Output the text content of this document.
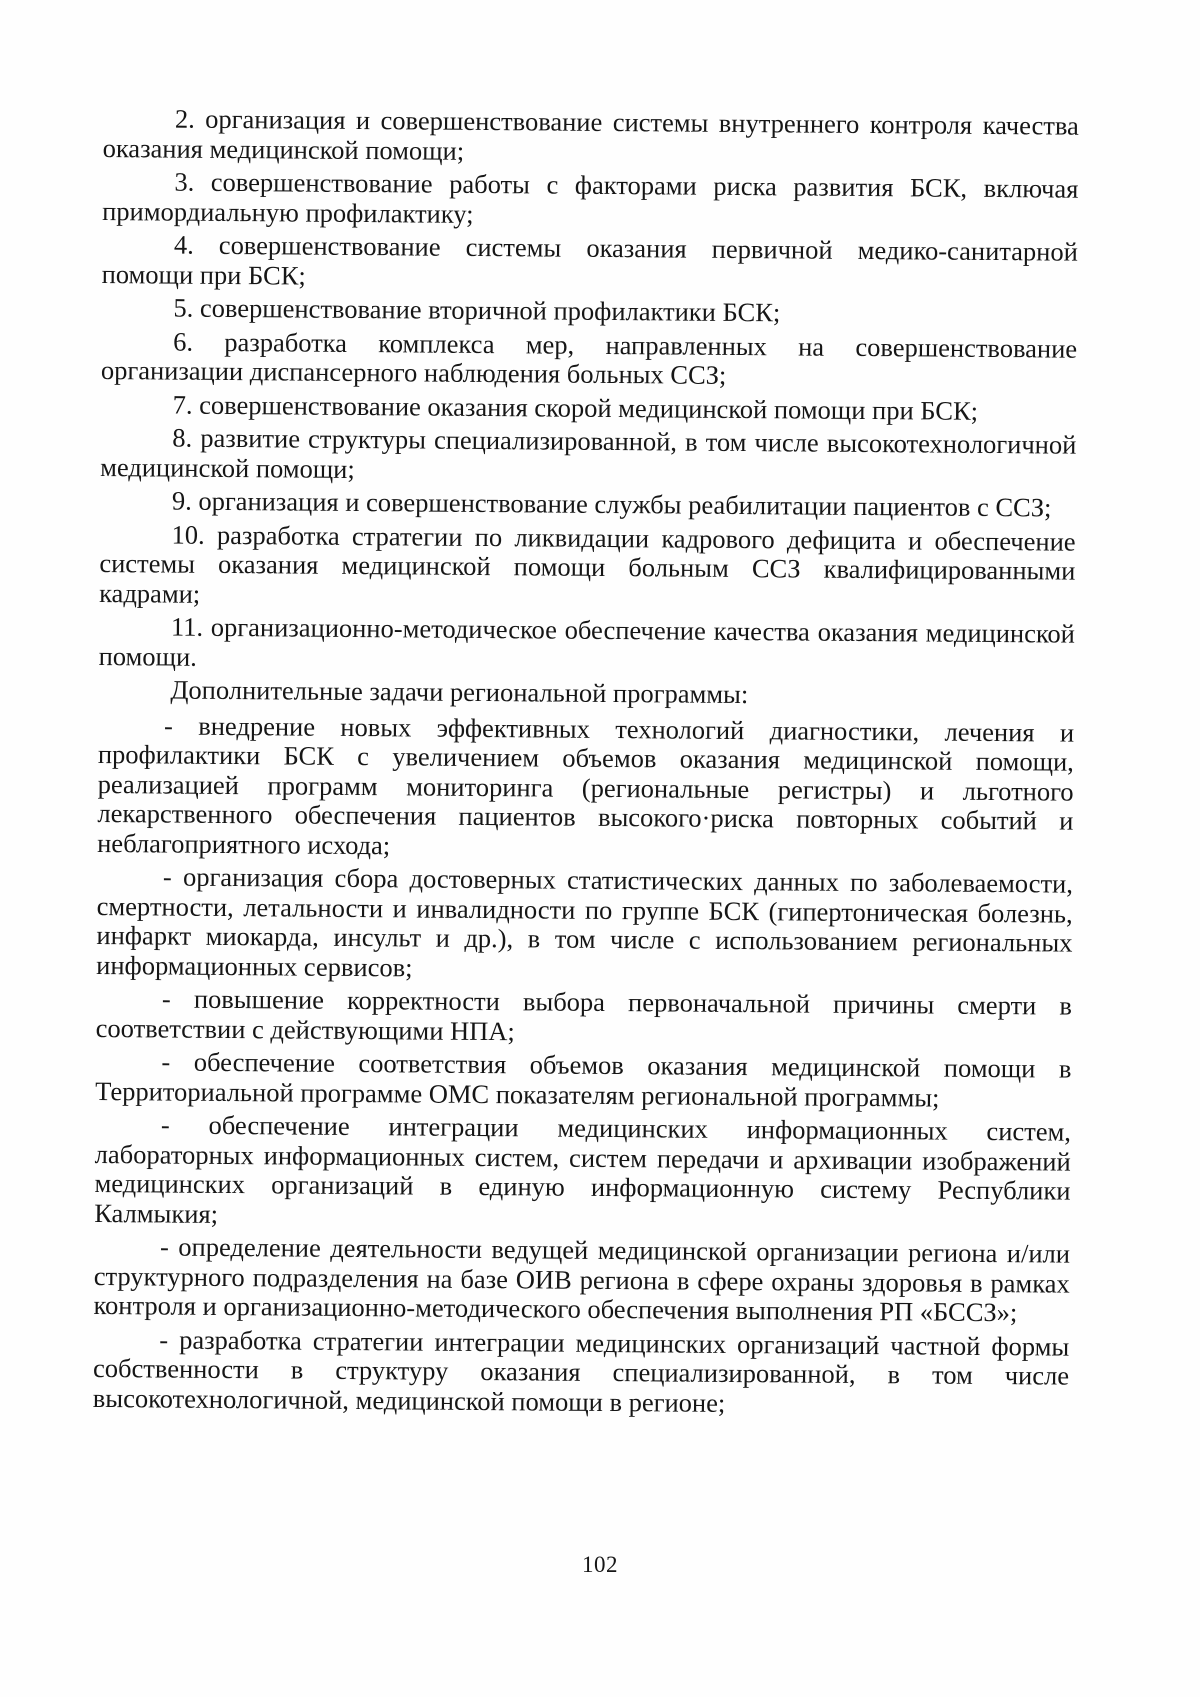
2. организация и совершенствование системы внутреннего контроля качества оказания медицинской помощи;

3. совершенствование работы с факторами риска развития БСК, включая примордиальную профилактику;

4. совершенствование системы оказания первичной медико-санитарной помощи при БСК;

5. совершенствование вторичной профилактики БСК;

6. разработка комплекса мер, направленных на совершенствование организации диспансерного наблюдения больных ССЗ;

7. совершенствование оказания скорой медицинской помощи при БСК;

8. развитие структуры специализированной, в том числе высокотехнологичной медицинской помощи;

9. организация и совершенствование службы реабилитации пациентов с ССЗ;

10. разработка стратегии по ликвидации кадрового дефицита и обеспечение системы оказания медицинской помощи больным ССЗ квалифицированными кадрами;

11. организационно-методическое обеспечение качества оказания медицинской помощи.

Дополнительные задачи региональной программы:

- внедрение новых эффективных технологий диагностики, лечения и профилактики БСК с увеличением объемов оказания медицинской помощи, реализацией программ мониторинга (региональные регистры) и льготного лекарственного обеспечения пациентов высокого·риска повторных событий и неблагоприятного исхода;

- организация сбора достоверных статистических данных по заболеваемости, смертности, летальности и инвалидности по группе БСК (гипертоническая болезнь, инфаркт миокарда, инсульт и др.), в том числе с использованием региональных информационных сервисов;

- повышение корректности выбора первоначальной причины смерти в соответствии с действующими НПА;

- обеспечение соответствия объемов оказания медицинской помощи в Территориальной программе ОМС показателям региональной программы;

- обеспечение интеграции медицинских информационных систем, лабораторных информационных систем, систем передачи и архивации изображений медицинских организаций в единую информационную систему Республики Калмыкия;

- определение деятельности ведущей медицинской организации региона и/или структурного подразделения на базе ОИВ региона в сфере охраны здоровья в рамках контроля и организационно-методического обеспечения выполнения РП «БССЗ»;

- разработка стратегии интеграции медицинских организаций частной формы собственности в структуру оказания специализированной, в том числе высокотехнологичной, медицинской помощи в регионе;

102
